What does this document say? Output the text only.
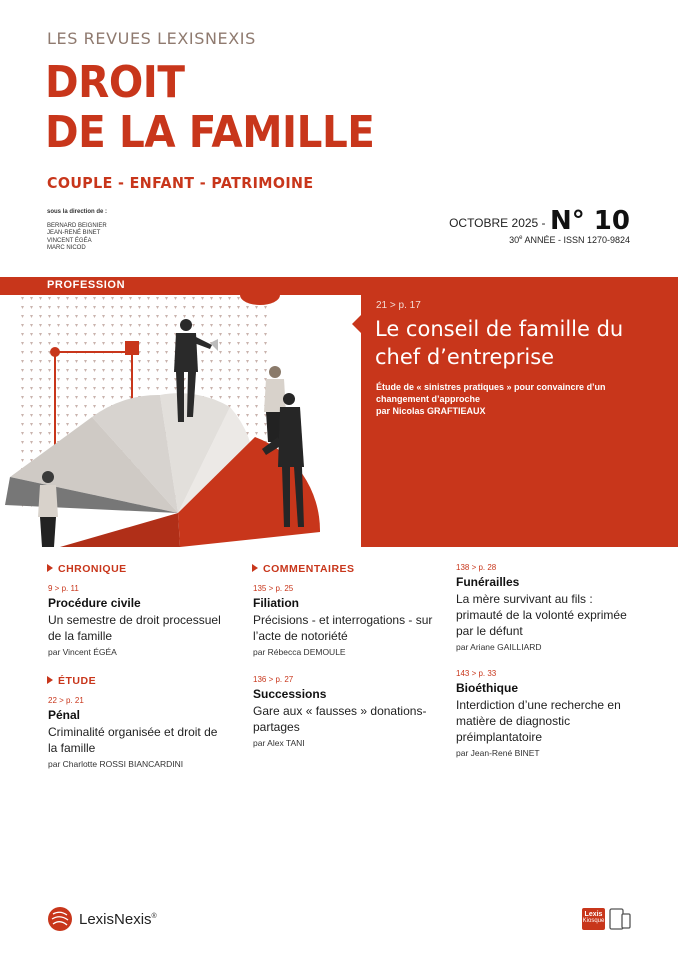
LES REVUES LEXISNEXIS
DROIT
DE LA FAMILLE
COUPLE - ENFANT - PATRIMOINE
sous la direction de :
BERNARD BEIGNIER
JEAN-RENÉ BINET
VINCENT ÉGÉA
MARC NICOD
OCTOBRE 2025 - N° 10
30e ANNÉE - ISSN 1270-9824
PROFESSION
21 > p. 17
Le conseil de famille du chef d’entreprise
Étude de « sinistres pratiques » pour convaincre d’un changement d’approche
par Nicolas GRAFTIEAUX
CHRONIQUE
9 > p. 11
Procédure civile
Un semestre de droit processuel de la famille
par Vincent ÉGÉA
ÉTUDE
22 > p. 21
Pénal
Criminalité organisée et droit de la famille
par Charlotte ROSSI BIANCARDINI
COMMENTAIRES
135 > p. 25
Filiation
Précisions - et interrogations - sur l’acte de notoriété
par Rébecca DEMOULE
136 > p. 27
Successions
Gare aux « fausses » donations-partages
par Alex TANI
138 > p. 28
Funérailles
La mère survivant au fils : primauté de la volonté exprimée par le défunt
par Ariane GAILLIARD
143 > p. 33
Bioéthique
Interdiction d’une recherche en matière de diagnostic préimplantatoire
par Jean-René BINET
LexisNexis®	Lexis
Kiosque
